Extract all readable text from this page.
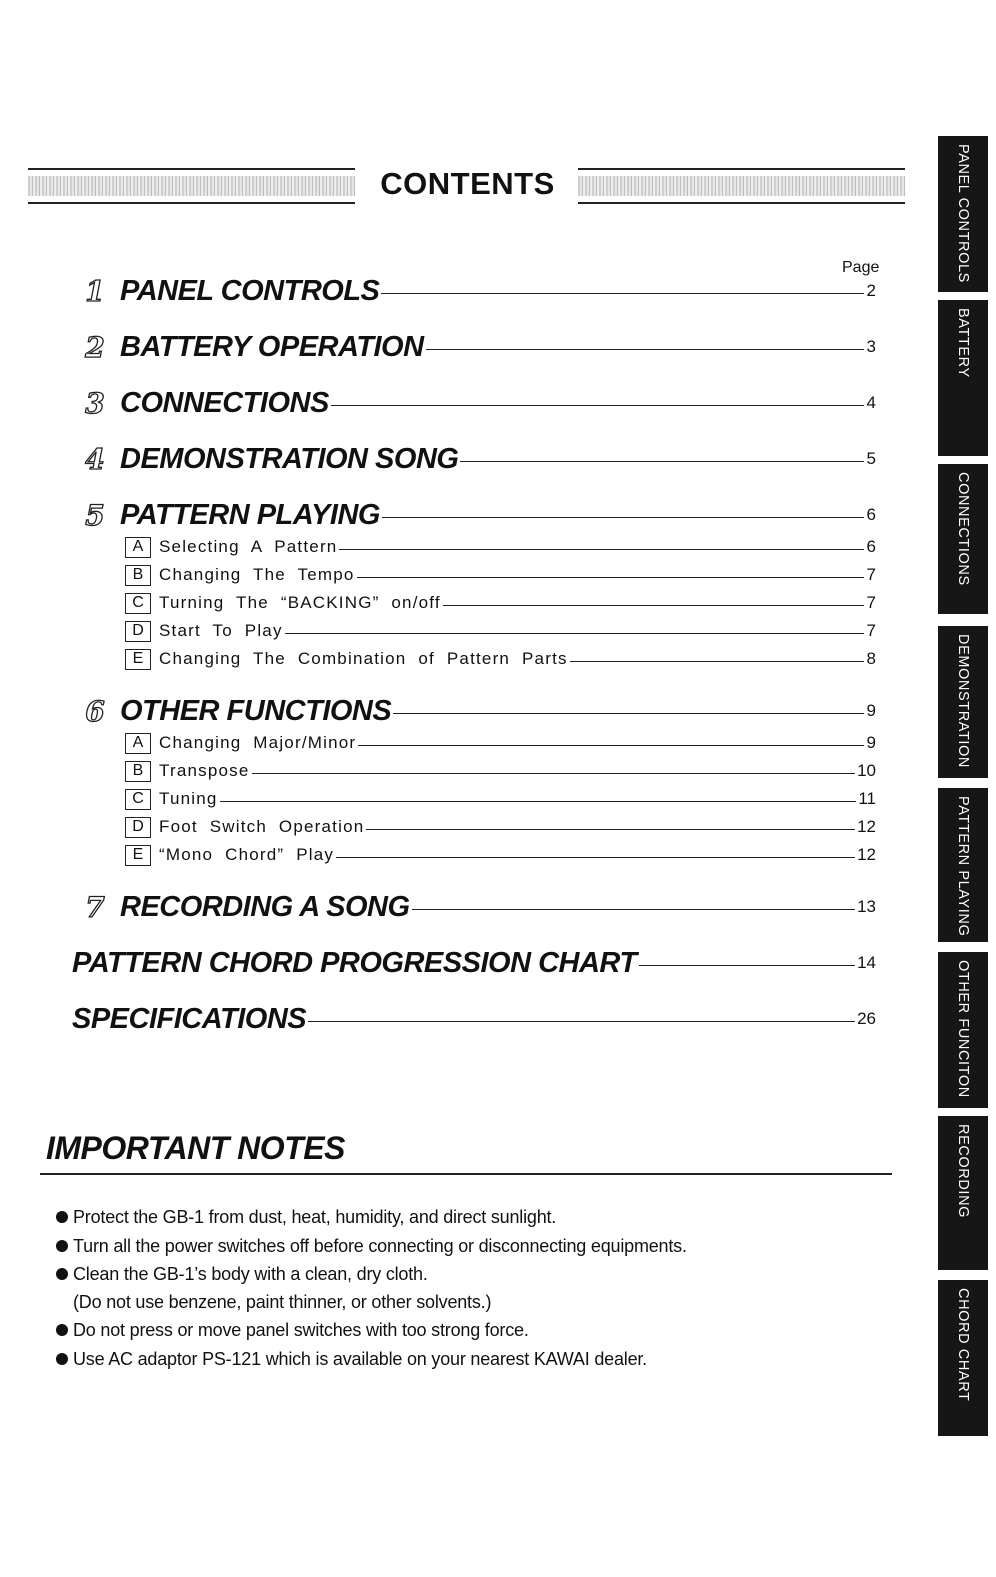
CONTENTS
Page
1 PANEL CONTROLS	2
2 BATTERY OPERATION	3
3 CONNECTIONS	4
4 DEMONSTRATION SONG	5
5 PATTERN PLAYING	6
A Selecting A Pattern	6
B Changing The Tempo	7
C Turning The “BACKING” on/off	7
D Start To Play	7
E Changing The Combination of Pattern Parts	8
6 OTHER FUNCTIONS	9
A Changing Major/Minor	9
B Transpose	10
C Tuning	11
D Foot Switch Operation	12
E “Mono Chord” Play	12
7 RECORDING A SONG	13
PATTERN CHORD PROGRESSION CHART	14
SPECIFICATIONS	26
IMPORTANT NOTES
Protect the GB-1 from dust, heat, humidity, and direct sunlight.
Turn all the power switches off before connecting or disconnecting equipments.
Clean the GB-1’s body with a clean, dry cloth.
(Do not use benzene, paint thinner, or other solvents.)
Do not press or move panel switches with too strong force.
Use AC adaptor PS-121 which is available on your nearest KAWAI dealer.
PANEL CONTROLS
BATTERY
CONNECTIONS
DEMONSTRATION
PATTERN PLAYING
OTHER FUNCITON
RECORDING
CHORD CHART
